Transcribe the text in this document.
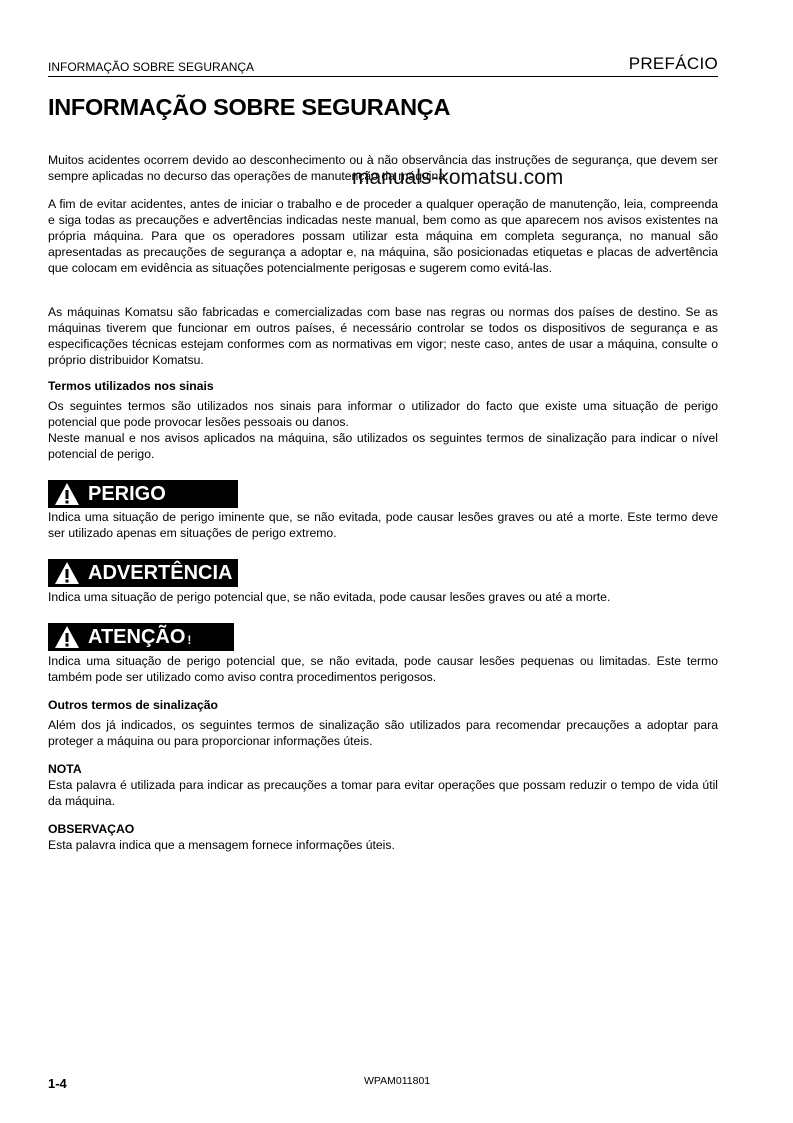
INFORMAÇÃO SOBRE SEGURANÇA	PREFÁCIO
INFORMAÇÃO SOBRE SEGURANÇA

Muitos acidentes ocorrem devido ao desconhecimento ou à não observância das instruções de segurança, que devem ser sempre aplicadas no decurso das operações de manutenção da máquina.

A fim de evitar acidentes, antes de iniciar o trabalho e de proceder a qualquer operação de manutenção, leia, compreenda e siga todas as precauções e advertências indicadas neste manual, bem como as que aparecem nos avisos existentes na própria máquina. Para que os operadores possam utilizar esta máquina em completa segurança, no manual são apresentadas as precauções de segurança a adoptar e, na máquina, são posicionadas etiquetas e placas de advertência que colocam em evidência as situações potencialmente perigosas e sugerem como evitá-las.

As máquinas Komatsu são fabricadas e comercializadas com base nas regras ou normas dos países de destino. Se as máquinas tiverem que funcionar em outros países, é necessário controlar se todos os dispositivos de segurança e as especificações técnicas estejam conformes com as normativas em vigor; neste caso, antes de usar a máquina, consulte o próprio distribuidor Komatsu.

Termos utilizados nos sinais

Os seguintes termos são utilizados nos sinais para informar o utilizador do facto que existe uma situação de perigo potencial que pode provocar lesões pessoais ou danos.

Neste manual e nos avisos aplicados na máquina, são utilizados os seguintes termos de sinalização para indicar o nível potencial de perigo.

PERIGO

Indica uma situação de perigo iminente que, se não evitada, pode causar lesões graves ou até a morte. Este termo deve ser utilizado apenas em situações de perigo extremo.

ADVERTÊNCIA

Indica uma situação de perigo potencial que, se não evitada, pode causar lesões graves ou até a morte.

ATENÇÃO !

Indica uma situação de perigo potencial que, se não evitada, pode causar lesões pequenas ou limitadas. Este termo também pode ser utilizado como aviso contra procedimentos perigosos.

Outros termos de sinalização

Além dos já indicados, os seguintes termos de sinalização são utilizados para recomendar precauções a adoptar para proteger a máquina ou para proporcionar informações úteis.

NOTA

Esta palavra é utilizada para indicar as precauções a tomar para evitar operações que possam reduzir o tempo de vida útil da máquina.

OBSERVAÇAO

Esta palavra indica que a mensagem fornece informações úteis.

manuals-komatsu.com
1-4	WPAM011801
